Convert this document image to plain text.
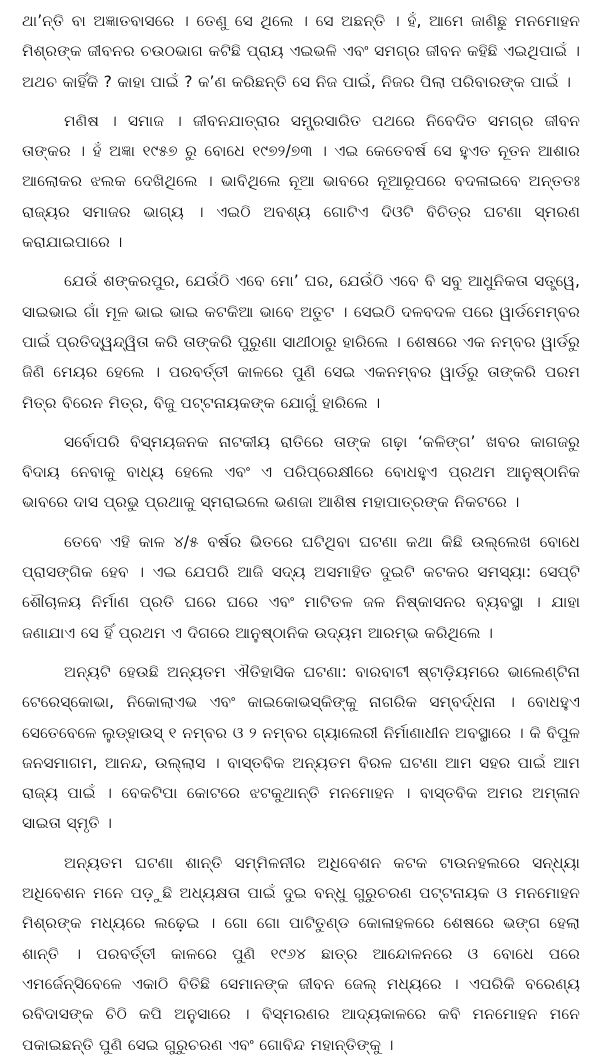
ଥା’ନ୍ତି ବା ଅଜ୍ଞାତବାସରେ । ତେଣୁ ସେ ଥିଲେ । ସେ ଅଛନ୍ତି । ହଁ, ଆମେ ଜାଣିଛୁ ମନମୋହନ ମିଶ୍ରଙ୍କ ଜୀବନର ଚଉଠଭାଗ କଟିଛି ପ୍ରାୟ ଏଇଭଳି ଏବଂ ସମଗ୍ର ଜୀବନ କହିଛି ଏଇଥିପାଇଁ । ଅଥଚ କାହିଁକି ? କାହା ପାଇଁ ? କ’ଣ କରିଛନ୍ତି ସେ ନିଜ ପାଇଁ, ନିଜର ପିଲା ପରିବାରଙ୍କ ପାଇଁ ।

ମଣିଷ । ସମାଜ । ଜୀବନଯାତ୍ରାର ସମ୍ପ୍ରସାରିତ ପଥରେ ନିବେଦିତ ସମଗ୍ର ଜୀବନ ତାଙ୍କର । ହଁ ଅଜ୍ଞା ୧୯୫୭ ରୁ ବୋଧେ ୧୯୭୨/୭୩ । ଏଇ କେତେବର୍ଷ ସେ ହୁଏତ ନୂତନ ଆଶାର ଆଲୋକର ଝଲକ ଦେଖିଥିଲେ । ଭାବିଥିଲେ ନୂଆ ଭାବରେ ନୂଆରୂପରେ ବଦଳାଇବେ ଅନ୍ତତଃ ରାଜ୍ୟର ସମାଜର ଭାଗ୍ୟ । ଏଇଠି ଅବଶ୍ୟ ଗୋଟିଏ ଦିଓଟି ବିଚିତ୍ର ଘଟଣା ସ୍ମରଣ କରାଯାଇପାରେ ।

ଯେଉଁ ଶଙ୍କରପୁର, ଯେଉଁଠି ଏବେ ମୋ’ ଘର, ଯେଉଁଠି ଏବେ ବି ସବୁ ଆଧୁନିକତା ସତ୍ତ୍ୱେ, ସାଇଭାଇ ଗାଁ ମୂଳ ଭାଇ ଭାଇ କଟକିଆ ଭାବେ ଅତୁଟ । ସେଇଠି ଦଳବଦଳ ପରେ ୱାର୍ଡମେମ୍ବର ପାଇଁ ପ୍ରତିଦ୍ୱନ୍ଦ୍ୱିତା କରି ତାଙ୍କରି ପୁରୁଣା ସାଥୀଠାରୁ ହାରିଲେ । ଶେଷରେ ଏକ ନମ୍ବର ୱାର୍ଡରୁ ଜିଣି ମେୟର ହେଲେ । ପରବର୍ତ୍ତୀ କାଳରେ ପୁଣି ସେଇ ଏକନମ୍ବର ୱାର୍ଡରୁ ତାଙ୍କରି ପରମ ମିତ୍ର ବିରେନ ମିତ୍ର, ବିଜୁ ପଟ୍ଟନାୟକଙ୍କ ଯୋଗୁଁ ହାରିଲେ ।

ସର୍ବୋପରି ବିସ୍ମୟଜନକ ନାଟକୀୟ ରାତିରେ ତାଙ୍କ ଗଢ଼ା ‘କଳିଙ୍ଗ’ ଖବର କାଗଜରୁ ବିଦାୟ ନେବାକୁ ବାଧ୍ୟ ହେଲେ ଏବଂ ଏ ପରିପ୍ରେକ୍ଷୀରେ ବୋଧହୁଏ ପ୍ରଥମ ଆନୁଷ୍ଠାନିକ ଭାବରେ ଦାସ ପ୍ରଭୁ ପ୍ରଥାକୁ ସ୍ମରାଇଲେ ଭଣଜା ଆଶିଷ ମହାପାତ୍ରଙ୍କ ନିକଟରେ ।

ତେବେ ଏହି କାଳ ୪/୫ ବର୍ଷର ଭିତରେ ଘଟିଥିବା ଘଟଣା କଥା କିଛି ଉଲ୍ଲେଖ ବୋଧେ ପ୍ରାସଙ୍ଗିକ ହେବ । ଏଇ ଯେପରି ଆଜି ସଦ୍ୟ ଅସମାହିତ ଦୁଇଟି କଟକର ସମସ୍ୟା: ସେପ୍ଟି ଶୌଚାଳୟ ନିର୍ମାଣ ପ୍ରତି ଘରେ ଘରେ ଏବଂ ମାଟିତଳ ଜଳ ନିଷ୍କାସନର ବ୍ୟବସ୍ଥା । ଯାହା ଜଣାଯାଏ ସେ ହିଁ ପ୍ରଥମ ଏ ଦିଗରେ ଆନୁଷ୍ଠାନିକ ଉଦ୍ୟମ ଆରମ୍ଭ କରିଥିଲେ ।

ଅନ୍ୟଟି ହେଉଛି ଅନ୍ୟତମ ଐତିହାସିକ ଘଟଣା: ବାରବାଟୀ ଷ୍ଟାଡ଼ିୟମରେ ଭାଲେଣ୍ଟିନା ଟେରେସ୍କୋଭା, ନିକୋଲାଏଭ ଏବଂ କାଇକୋଭସ୍କିଙ୍କୁ ନାଗରିକ ସମ୍ବର୍ଦ୍ଧନା । ବୋଧହୁଏ ସେତେବେଳେ ଲୁଡ୍‌ହାଉସ୍ ୧ ନମ୍ବର ଓ ୨ ନମ୍ବର ଗ୍ୟାଲେରୀ ନିର୍ମାଣାଧୀନ ଅବସ୍ଥାରେ । କି ବିପୁଳ ଜନସମାଗମ, ଆନନ୍ଦ, ଉଲ୍ଲାସ । ବାସ୍ତବିକ ଅନ୍ୟତମ ବିରଳ ଘଟଣା ଆମ ସହର ପାଇଁ ଆମ ରାଜ୍ୟ ପାଇଁ । ବେକଟିପା କୋଟରେ ଝଟକୁଥାନ୍ତି ମନମୋହନ । ବାସ୍ତବିକ ଅମର ଅମ୍ଳାନ ସାଇତା ସ୍ମୃତି ।

ଅନ୍ୟତମ ଘଟଣା ଶାନ୍ତି ସମ୍ମିଳନୀର ଅଧିବେଶନ କଟକ ଟାଉନହଲରେ ସନ୍ଧ୍ୟା ଅଧିବେଶନ ମନେ ପଡ଼ୁଛି ଅଧ୍ୟକ୍ଷତା ପାଇଁ ଦୁଇ ବନ୍ଧୁ ଗୁରୁଚରଣ ପଟ୍ଟନାୟକ ଓ ମନମୋହନ ମିଶ୍ରଙ୍କ ମଧ୍ୟରେ ଲଢ଼େଇ । ଗୋ ଗୋ ପାଟିତୁଣ୍ଡ କୋଳାହଳରେ ଶେଷରେ ଭଙ୍ଗ ହେଲା ଶାନ୍ତି । ପରବର୍ତ୍ତୀ କାଳରେ ପୁଣି ୧୯୬୪ ଛାତ୍ର ଆନ୍ଦୋଳନରେ ଓ ବୋଧେ ପରେ ଏମର୍ଜେନ୍ସିବେଳେ ଏକାଠି ବିତିଛି ସେମାନଙ୍କ ଜୀବନ ଜେଲ୍ ମଧ୍ୟରେ । ଏପରିକି ବରେଣ୍ୟ ରବିଦାସଙ୍କ ଚିଠି କପି ଅନୁସାରେ । ବିସ୍ମରଣର ଆଦ୍ୟକାଳରେ କବି ମନମୋହନ ମନେ ପକାଇଛନ୍ତି ପୁଣି ସେଇ ଗୁରୁଚରଣ ଏବଂ ଗୋବିନ୍ଦ ମହାନ୍ତିଙ୍କୁ ।
